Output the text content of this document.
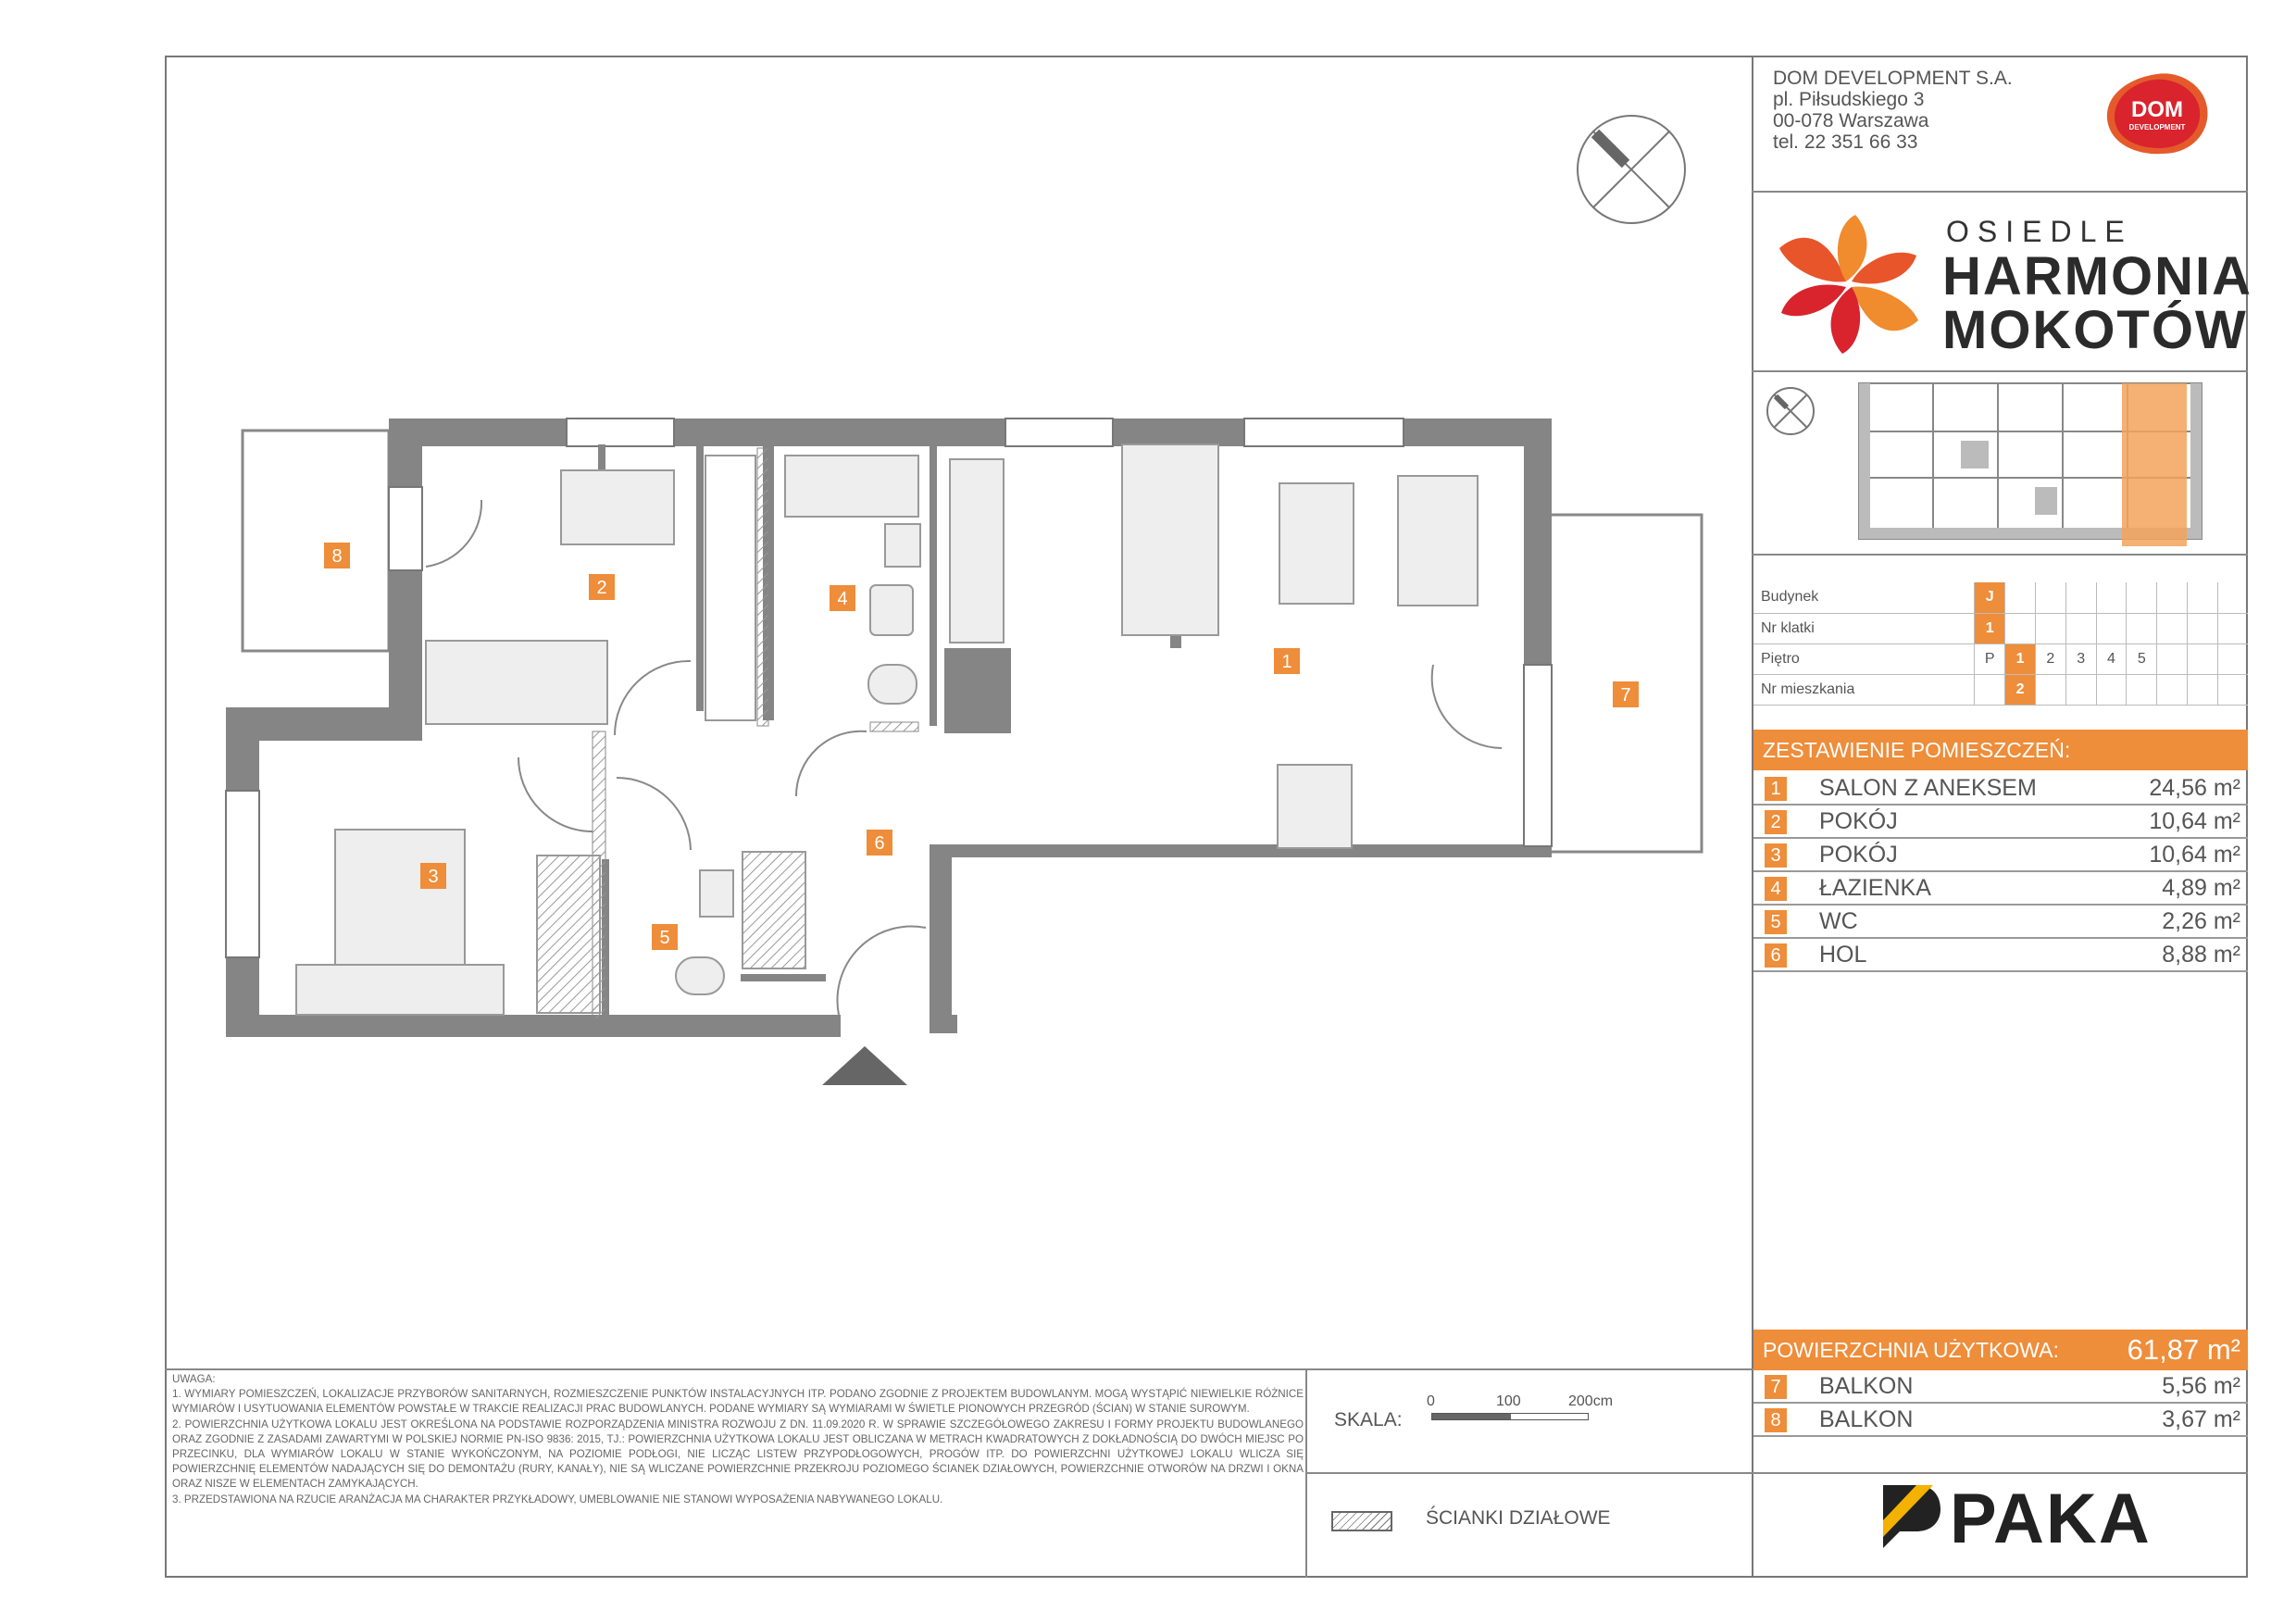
DOM DEVELOPMENT S.A.
pl. Piłsudskiego 3
00-078 Warszawa
tel. 22 351 66 33
DOM
DEVELOPMENT
OSIEDLE
HARMONIA
MOKOTÓW
Budynek	J								
Nr klatki	1								
Piętro	P	1	2	3	4	5			
Nr mieszkania		2							
ZESTAWIENIE POMIESZCZEŃ:
1 SALON Z ANEKSEM	24,56 m²
2 POKÓJ	10,64 m²
3 POKÓJ	10,64 m²
4 ŁAZIENKA	4,89 m²
5 WC	2,26 m²
6 HOL	8,88 m²
POWIERZCHNIA UŻYTKOWA: 61,87 m²
7 BALKON	5,56 m²
8 BALKON	3,67 m²

UWAGA:

1. WYMIARY POMIESZCZEŃ, LOKALIZACJE PRZYBORÓW SANITARNYCH, ROZMIESZCZENIE PUNKTÓW INSTALACYJNYCH ITP. PODANO ZGODNIE Z PROJEKTEM BUDOWLANYM. MOGĄ WYSTĄPIĆ NIEWIELKIE RÓŻNICE WYMIARÓW I USYTUOWANIA ELEMENTÓW POWSTAŁE W TRAKCIE REALIZACJI PRAC BUDOWLANYCH. PODANE WYMIARY SĄ WYMIARAMI W ŚWIETLE PIONOWYCH PRZEGRÓD (ŚCIAN) W STANIE SUROWYM.

2. POWIERZCHNIA UŻYTKOWA LOKALU JEST OKREŚLONA NA PODSTAWIE ROZPORZĄDZENIA MINISTRA ROZWOJU Z DN. 11.09.2020 R. W SPRAWIE SZCZEGÓŁOWEGO ZAKRESU I FORMY PROJEKTU BUDOWLANEGO ORAZ ZGODNIE Z ZASADAMI ZAWARTYMI W POLSKIEJ NORMIE PN-ISO 9836: 2015, TJ.: POWIERZCHNIA UŻYTKOWA LOKALU JEST OBLICZANA W METRACH KWADRATOWYCH Z DOKŁADNOŚCIĄ DO DWÓCH MIEJSC PO PRZECINKU, DLA WYMIARÓW LOKALU W STANIE WYKOŃCZONYM, NA POZIOMIE PODŁOGI, NIE LICZĄC LISTEW PRZYPODŁOGOWYCH, PROGÓW ITP. DO POWIERZCHNI UŻYTKOWEJ LOKALU WLICZA SIĘ POWIERZCHNIĘ ELEMENTÓW NADAJĄCYCH SIĘ DO DEMONTAŻU (RURY, KANAŁY), NIE SĄ WLICZANE POWIERZCHNIE PRZEKROJU POZIOMEGO ŚCIANEK DZIAŁOWYCH, POWIERZCHNIE OTWORÓW NA DRZWI I OKNA ORAZ NISZE W ELEMENTACH ZAMYKAJĄCYCH.

3. PRZEDSTAWIONA NA RZUCIE ARANŻACJA MA CHARAKTER PRZYKŁADOWY, UMEBLOWANIE NIE STANOWI WYPOSAŻENIA NABYWANEGO LOKALU.

SKALA:
0	100	200cm
ŚCIANKI DZIAŁOWE	PAKA
1
2
3
4
5
6
7
8
